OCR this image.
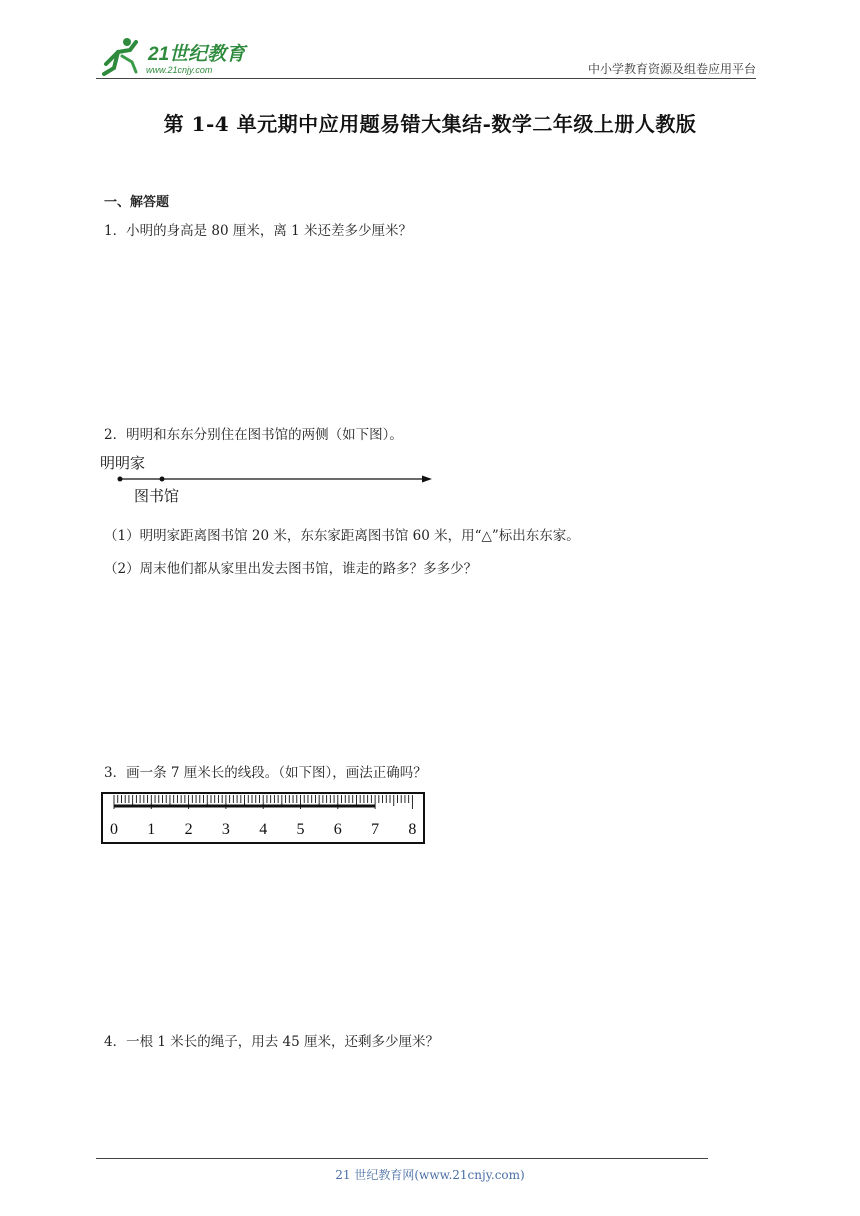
21世纪教育
www.21cnjy.com	中小学教育资源及组卷应用平台
第 1-4 单元期中应用题易错大集结-数学二年级上册人教版
一、解答题
1．小明的身高是 80 厘米，离 1 米还差多少厘米？
2．明明和东东分别住在图书馆的两侧（如下图）。
明明家
图书馆
（1）明明家距离图书馆 20 米，东东家距离图书馆 60 米，用“△”标出东东家。
（2）周末他们都从家里出发去图书馆，谁走的路多？多多少？
3．画一条 7 厘米长的线段。（如下图），画法正确吗？
0 1 2 3 4 5 6 7 8
4．一根 1 米长的绳子，用去 45 厘米，还剩多少厘米？
21 世纪教育网(www.21cnjy.com)
